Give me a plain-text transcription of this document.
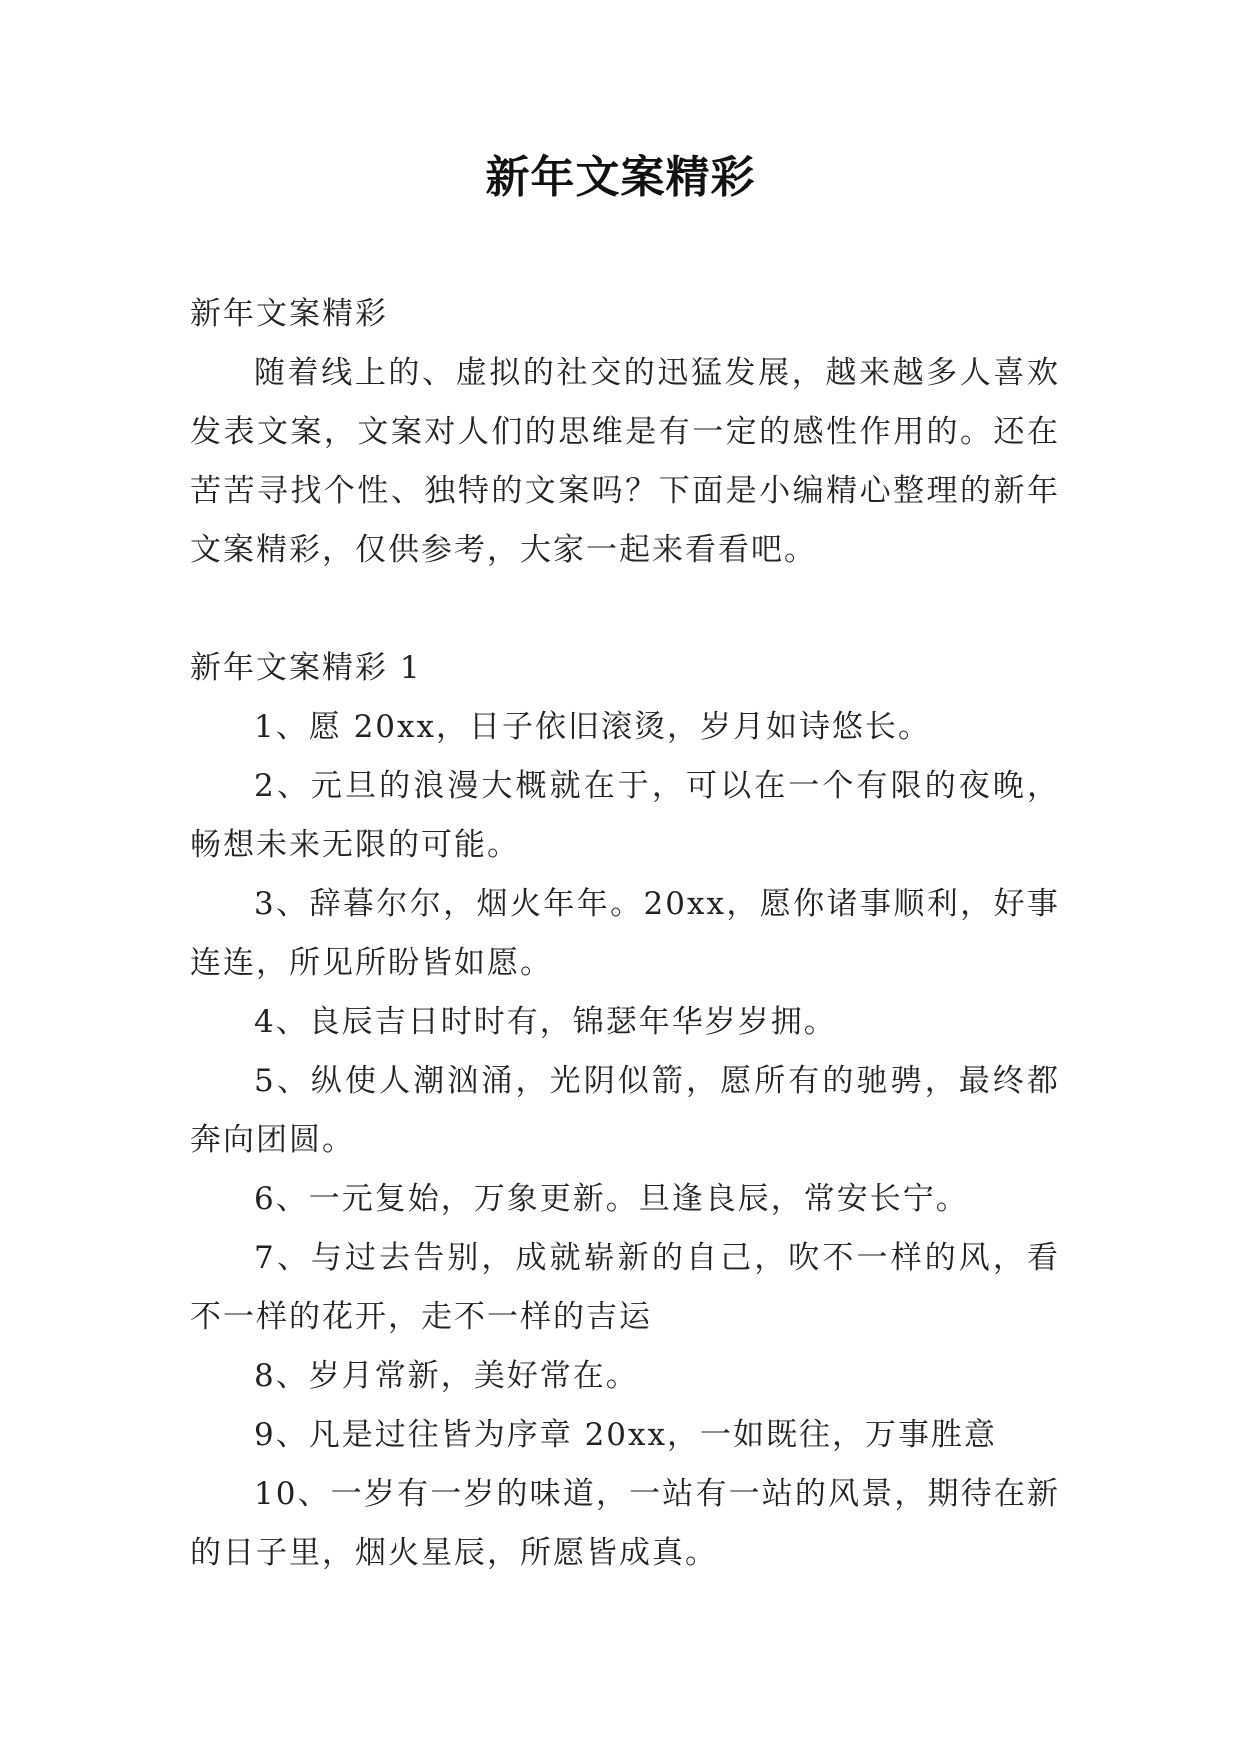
新年文案精彩

新年文案精彩

随着线上的、虚拟的社交的迅猛发展，越来越多人喜欢发表文案，文案对人们的思维是有一定的感性作用的。还在苦苦寻找个性、独特的文案吗？下面是小编精心整理的新年文案精彩，仅供参考，大家一起来看看吧。

新年文案精彩 1

1、愿 20xx，日子依旧滚烫，岁月如诗悠长。

2、元旦的浪漫大概就在于，可以在一个有限的夜晚，畅想未来无限的可能。

3、辞暮尔尔，烟火年年。20xx，愿你诸事顺利，好事连连，所见所盼皆如愿。

4、良辰吉日时时有，锦瑟年华岁岁拥。

5、纵使人潮汹涌，光阴似箭，愿所有的驰骋，最终都奔向团圆。

6、一元复始，万象更新。旦逢良辰，常安长宁。

7、与过去告别，成就崭新的自己，吹不一样的风，看不一样的花开，走不一样的吉运

8、岁月常新，美好常在。

9、凡是过往皆为序章 20xx，一如既往，万事胜意

10、一岁有一岁的味道，一站有一站的风景，期待在新的日子里，烟火星辰，所愿皆成真。
